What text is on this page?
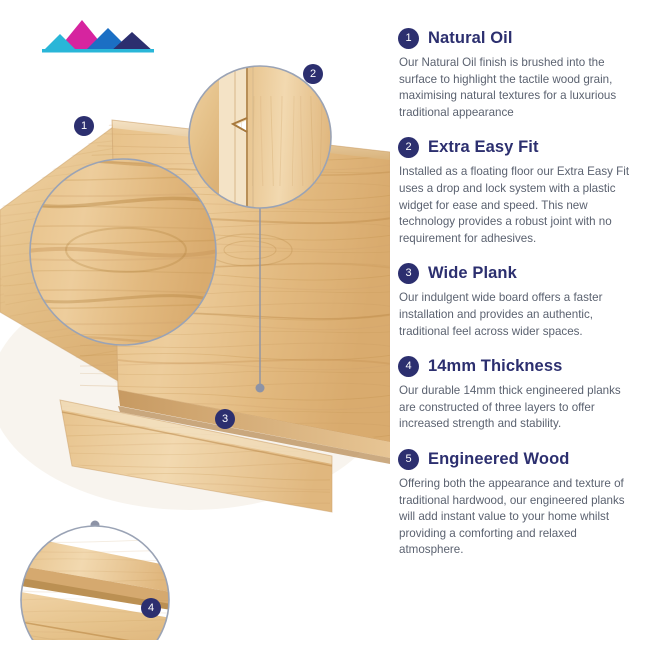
1
2
3
4
1 Natural Oil
Our Natural Oil finish is brushed into the surface to highlight the tactile wood grain, maximising natural textures for a luxurious traditional appearance
2 Extra Easy Fit
Installed as a floating floor our Extra Easy Fit uses a drop and lock system with a plastic widget for ease and speed. This new technology provides a robust joint with no requirement for adhesives.
3 Wide Plank
Our indulgent wide board offers a faster installation and provides an authentic, traditional feel across wider spaces.
4 14mm Thickness
Our durable 14mm thick engineered planks are constructed of three layers to offer increased strength and stability.
5 Engineered Wood
Offering both the appearance and texture of traditional hardwood, our engineered planks will add instant value to your home whilst providing a comforting and relaxed atmosphere.
